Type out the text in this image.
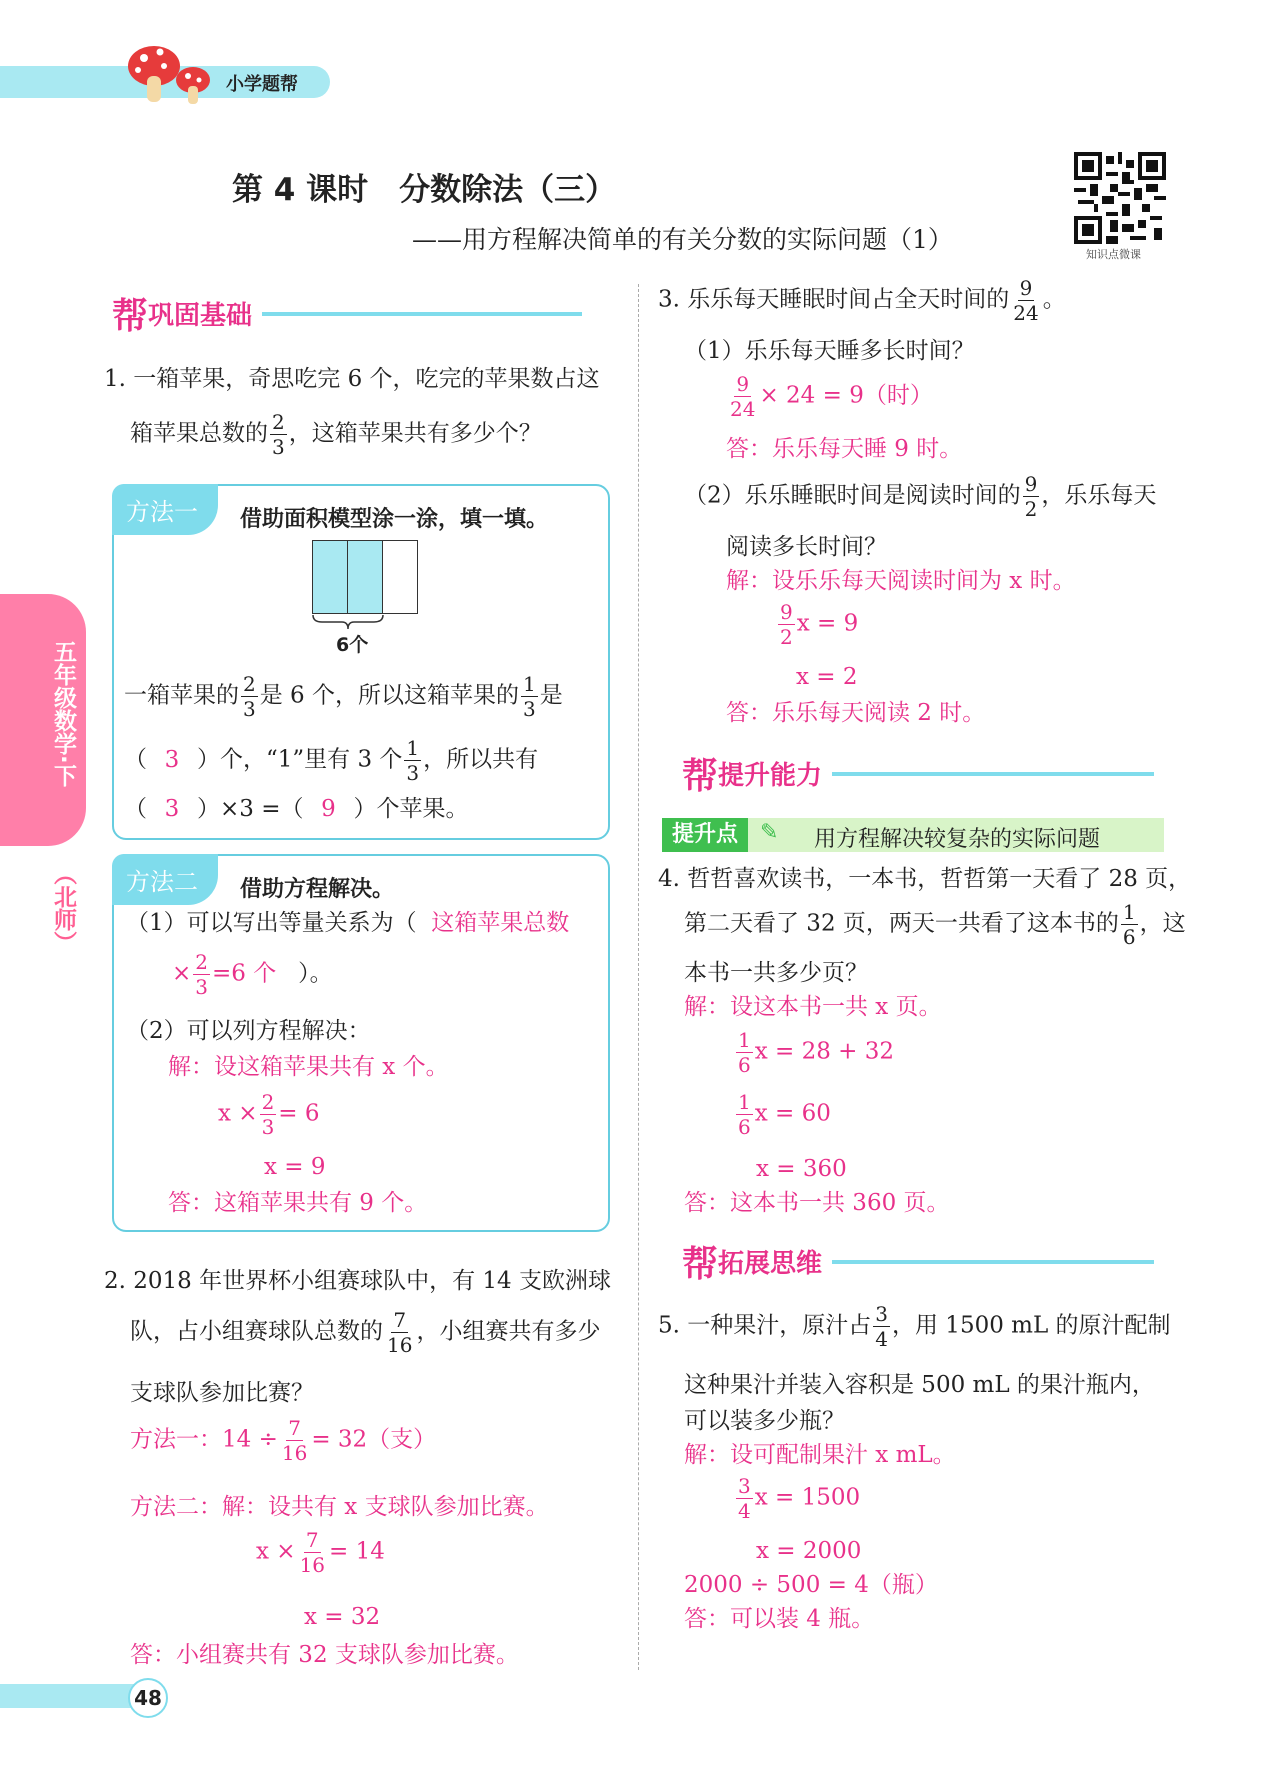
小学题帮
五年级数学·下
（北师）
第 4 课时　分数除法（三）
——用方程解决简单的有关分数的实际问题（1）
知识点微课
帮 巩固基础
1. 一箱苹果，奇思吃完 6 个，吃完的苹果数占这
箱苹果总数的 $\frac{2}{3}$ ，这箱苹果共有多少个？
方法一	借助面积模型涂一涂，填一填。
6个
一箱苹果的 $\frac{2}{3}$ 是 6 个，所以这箱苹果的 $\frac{1}{3}$ 是
（ 3 ）个，“1”里有 3 个 $\frac{1}{3}$ ，所以共有
（ 3 ）×3 =（ 9 ）个苹果。
方法二	借助方程解决。
（1）可以写出等量关系为（ 这箱苹果总数
× $\frac{2}{3} =6$ 个 ）。
（2）可以列方程解决：
解：设这箱苹果共有 x 个。
$x \times \frac{2}{3} = 6$
x = 9
答：这箱苹果共有 9 个。
2. 2018 年世界杯小组赛球队中，有 14 支欧洲球
队，占小组赛球队总数的 $\frac{7}{16}$ ，小组赛共有多少
支球队参加比赛？
方法一：$14 \div \frac{7}{16} = 32$（支）
方法二：解：设共有 x 支球队参加比赛。
$x \times \frac{7}{16} = 14$
x = 32
答：小组赛共有 32 支球队参加比赛。
48
3. 乐乐每天睡眠时间占全天时间的 $\frac{9}{24}$ 。
（1）乐乐每天睡多长时间？
$\frac{9}{24} \times 24 = 9$（时）
答：乐乐每天睡 9 时。
（2）乐乐睡眠时间是阅读时间的 $\frac{9}{2}$ ，乐乐每天
阅读多长时间？
解：设乐乐每天阅读时间为 x 时。
$\frac{9}{2}$ x = 9
x = 2
答：乐乐每天阅读 2 时。
帮 提升能力
提升点 ✎ 用方程解决较复杂的实际问题
4. 哲哲喜欢读书，一本书，哲哲第一天看了 28 页，
第二天看了 32 页，两天一共看了这本书的 $\frac{1}{6}$ ，这
本书一共多少页？
解：设这本书一共 x 页。
$\frac{1}{6}$ x = 28 + 32
$\frac{1}{6}$ x = 60
x = 360
答：这本书一共 360 页。
帮 拓展思维
5. 一种果汁，原汁占 $\frac{3}{4}$ ，用 1500 mL 的原汁配制
这种果汁并装入容积是 500 mL 的果汁瓶内，
可以装多少瓶？
解：设可配制果汁 x mL。
$\frac{3}{4}$ x = 1500
x = 2000
2000 ÷ 500 = 4（瓶）
答：可以装 4 瓶。
